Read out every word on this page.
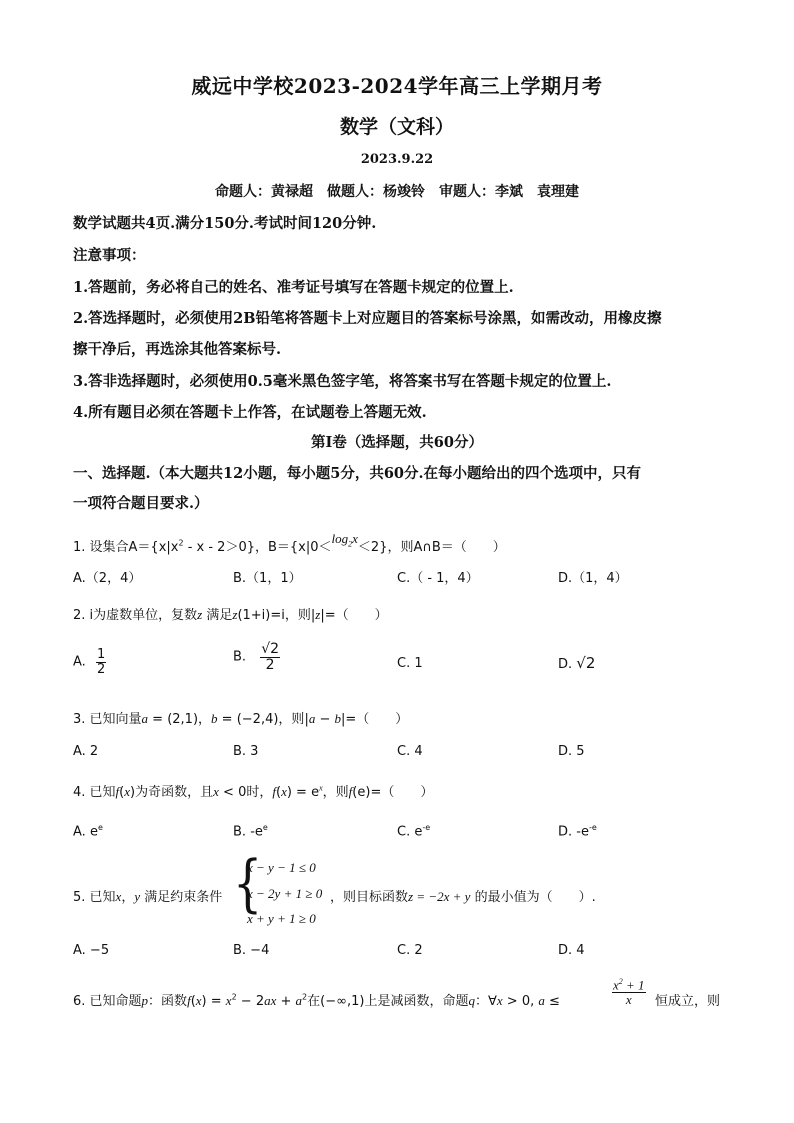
威远中学校2023-2024学年高三上学期月考
数学（文科）
2023.9.22
命题人：黄禄超　做题人：杨竣铃　审题人：李斌　袁理建
数学试题共4页.满分150分.考试时间120分钟.
注意事项：
1.答题前，务必将自己的姓名、准考证号填写在答题卡规定的位置上.
2.答选择题时，必须使用2B铅笔将答题卡上对应题目的答案标号涂黑，如需改动，用橡皮擦
擦干净后，再选涂其他答案标号.
3.答非选择题时，必须使用0.5毫米黑色签字笔，将答案书写在答题卡规定的位置上.
4.所有题目必须在答题卡上作答，在试题卷上答题无效.
第Ⅰ卷（选择题，共60分）
一、选择题.（本大题共12小题，每小题5分，共60分.在每小题给出的四个选项中，只有
一项符合题目要求.）
1. 设集合$A=\{x|x^2 - x - 2>0\}$，$B=\{x|0<\log_2x<2\}$，则A∩B＝（　　）
A.（2，4）	B.（1，1）	C.（ - 1，4）	D.（1，4）
2. i为虚数单位，复数z 满足z(1+i)=i，则|z|=（　　）
A. $\frac{1}{2}$	B. $\frac{√2}{2}$	C. 1	D. √2
3. 已知向量a = (2,1)，b = (−2,4)，则|a − b|=（　　）
A. 2	B. 3	C. 4	D. 5
4. 已知f(x)为奇函数，且x < 0时，$f(x) = e^x$，则f(e)=（　　）
A. $e^e$	B. $-e^e$	C. $e^{-e}$	D. $-e^{-e}$
5. 已知x，y 满足约束条件 {
x − y − 1 ≤ 0
x − 2y + 1 ≥ 0
x + y + 1 ≥ 0
，则目标函数z = −2x + y 的最小值为（　　）.
A. −5	B. −4	C. 2	D. 4
6. 已知命题p：函数$f(x) = x^2 - 2ax + a^2$在(−∞,1)上是减函数，命题q：∀x > 0, a ≤	$\frac{x^2 + 1}{x}$ 恒成立，则
